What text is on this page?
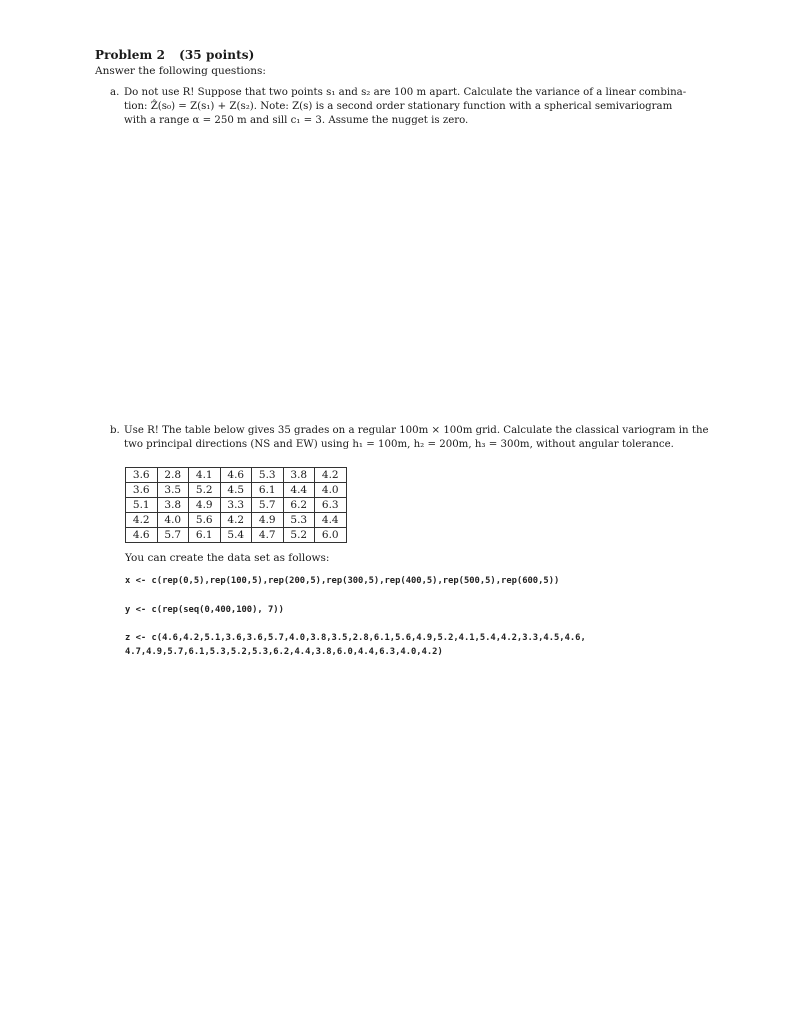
Problem 2 (35 points)
Answer the following questions:
a. Do not use R! Suppose that two points s₁ and s₂ are 100 m apart. Calculate the variance of a linear combina-
tion: Ẑ(s₀) = Z(s₁) + Z(s₂). Note: Z(s) is a second order stationary function with a spherical semivariogram
with a range α = 250 m and sill c₁ = 3. Assume the nugget is zero.
b. Use R! The table below gives 35 grades on a regular 100m × 100m grid. Calculate the classical variogram in the
two principal directions (NS and EW) using h₁ = 100m, h₂ = 200m, h₃ = 300m, without angular tolerance.
3.6	2.8	4.1	4.6	5.3	3.8	4.2
3.6	3.5	5.2	4.5	6.1	4.4	4.0
5.1	3.8	4.9	3.3	5.7	6.2	6.3
4.2	4.0	5.6	4.2	4.9	5.3	4.4
4.6	5.7	6.1	5.4	4.7	5.2	6.0
You can create the data set as follows:
x <- c(rep(0,5),rep(100,5),rep(200,5),rep(300,5),rep(400,5),rep(500,5),rep(600,5))
y <- c(rep(seq(0,400,100), 7))
z <- c(4.6,4.2,5.1,3.6,3.6,5.7,4.0,3.8,3.5,2.8,6.1,5.6,4.9,5.2,4.1,5.4,4.2,3.3,4.5,4.6,
4.7,4.9,5.7,6.1,5.3,5.2,5.3,6.2,4.4,3.8,6.0,4.4,6.3,4.0,4.2)
